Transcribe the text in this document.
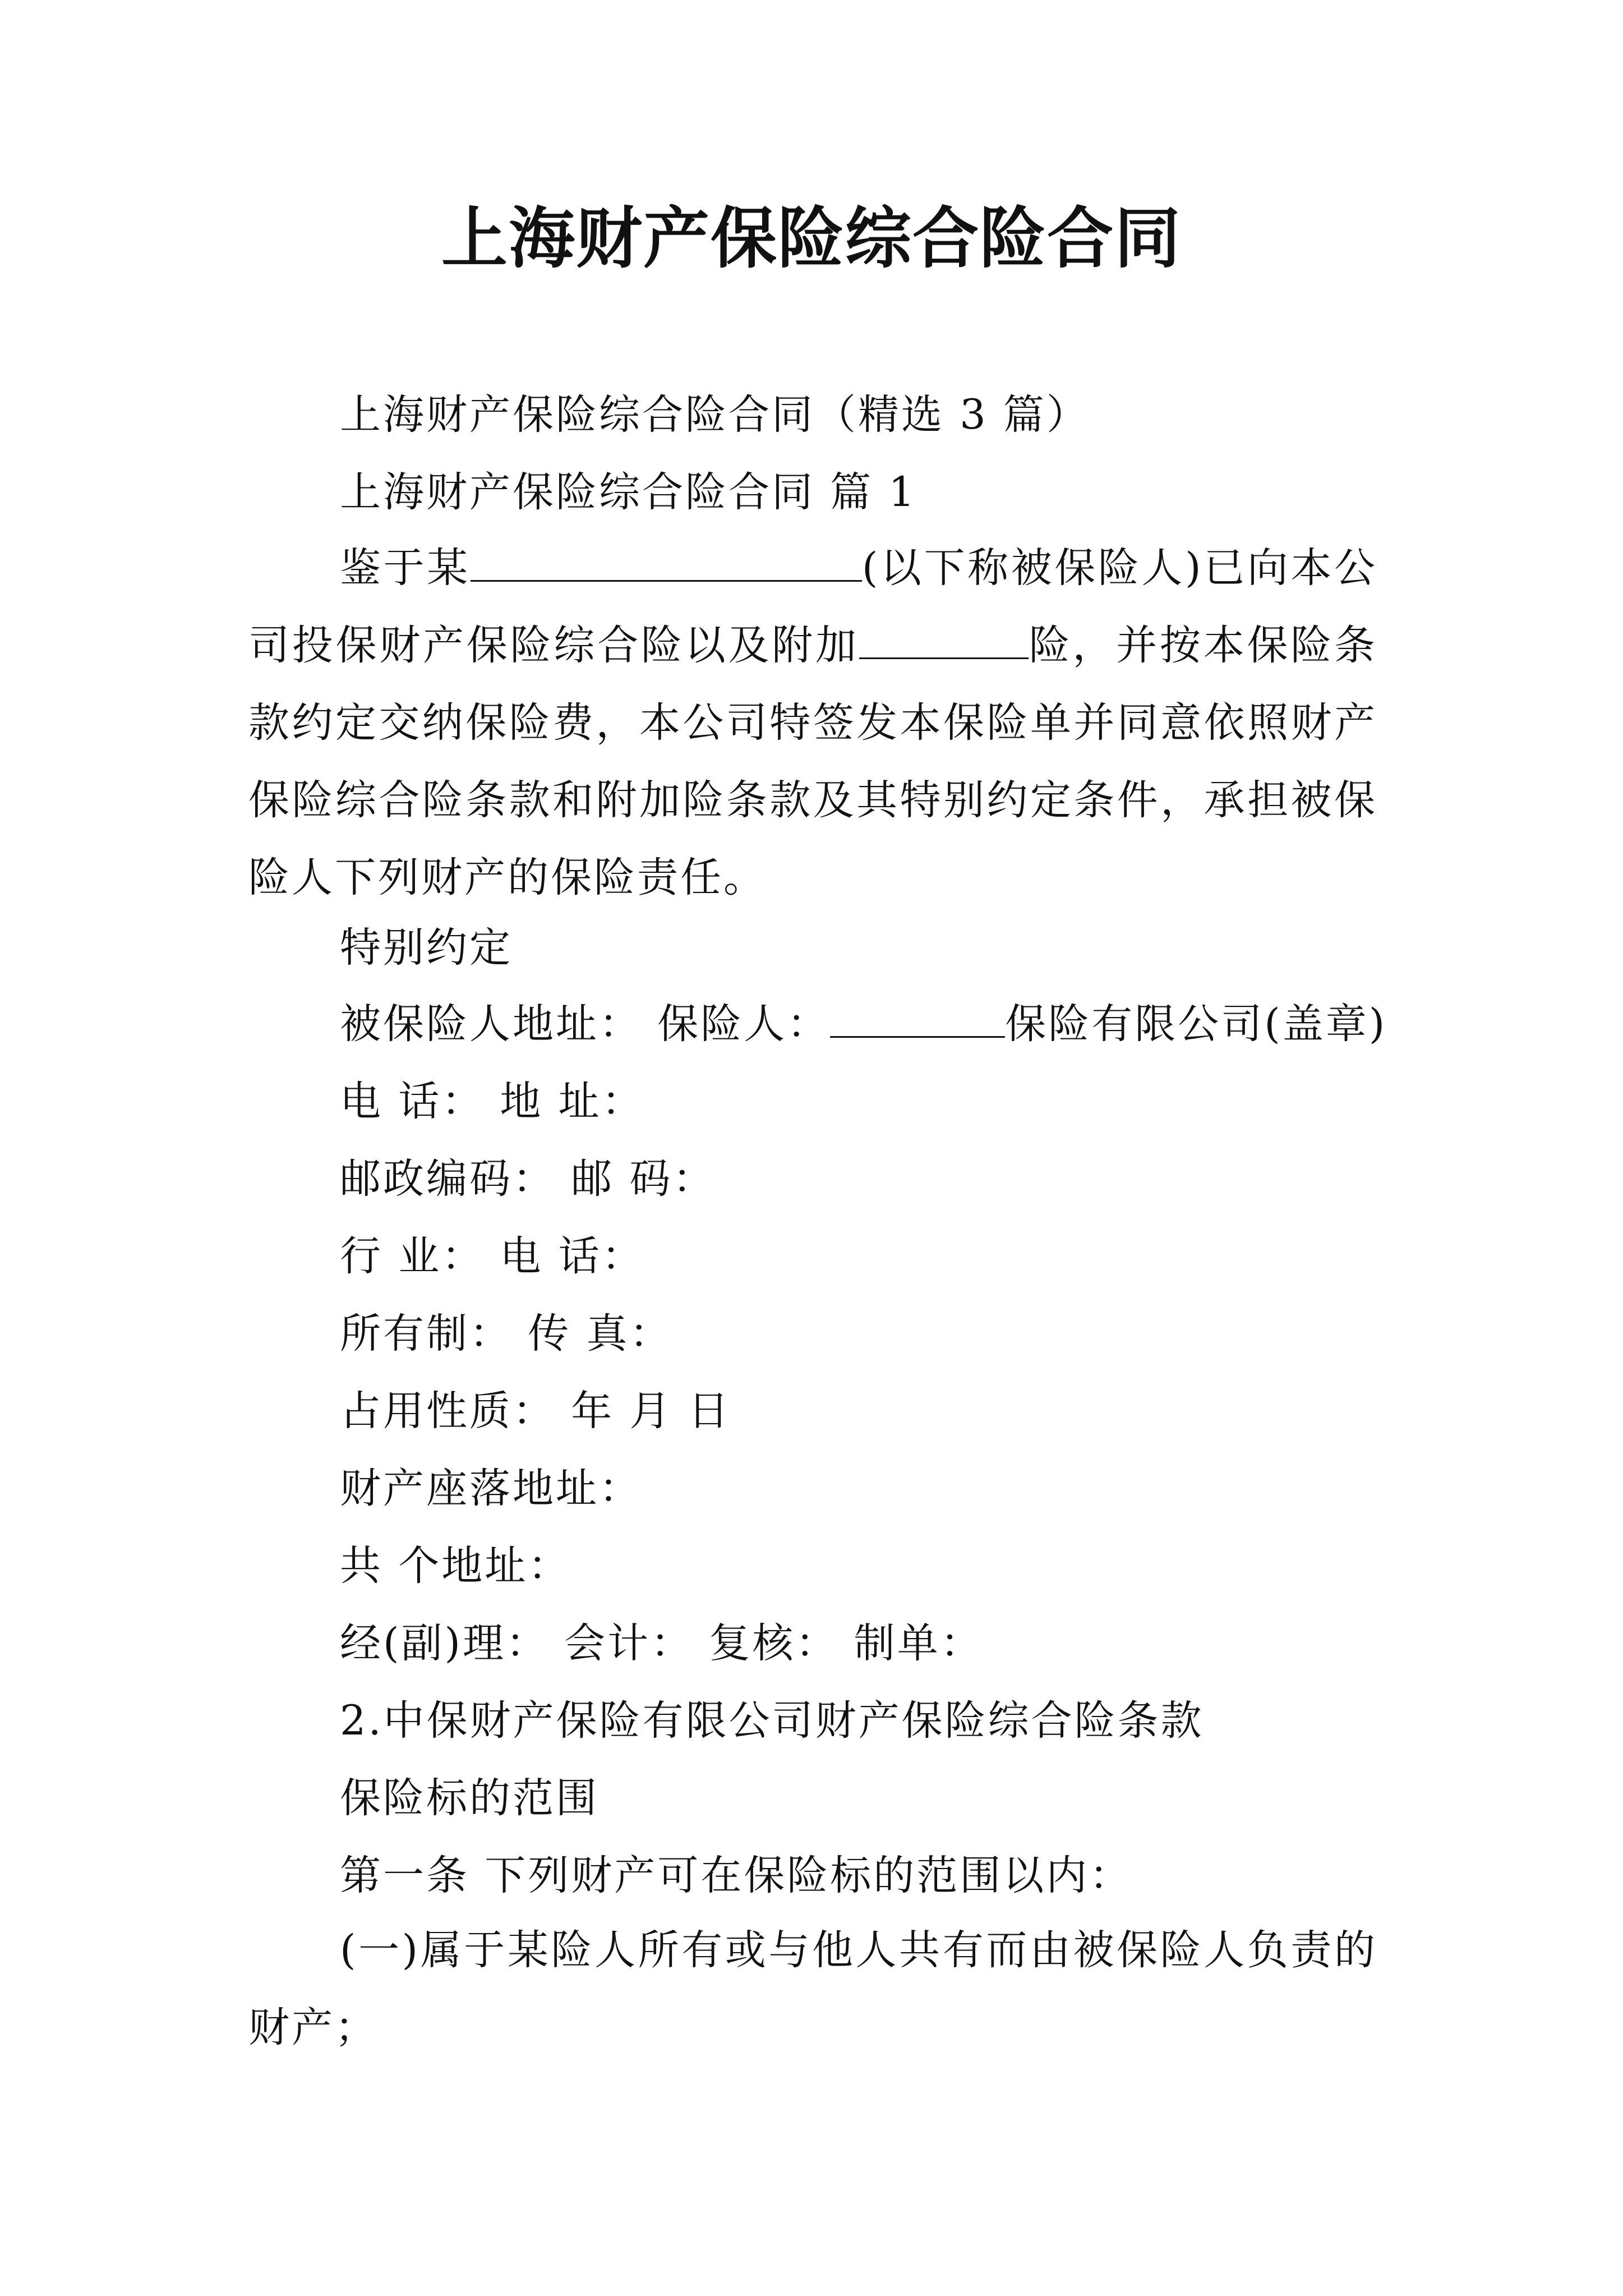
上海财产保险综合险合同
上海财产保险综合险合同（精选 3 篇）
上海财产保险综合险合同 篇 1

鉴于某	(以下称被保险人)已向本公司投保财产保险综合险以及附加	险，并按本保险条款约定交纳保险费，本公司特签发本保险单并同意依照财产保险综合险条款和附加险条款及其特别约定条件，承担被保险人下列财产的保险责任。

特别约定
被保险人地址： 保险人：	保险有限公司(盖章)
电 话： 地 址：
邮政编码： 邮 码：
行 业： 电 话：
所有制： 传 真：
占用性质： 年 月 日
财产座落地址：
共 个地址：
经(副)理： 会计： 复核： 制单：
2.中保财产保险有限公司财产保险综合险条款
保险标的范围
第一条 下列财产可在保险标的范围以内：

(一)属于某险人所有或与他人共有而由被保险人负责的财产；
